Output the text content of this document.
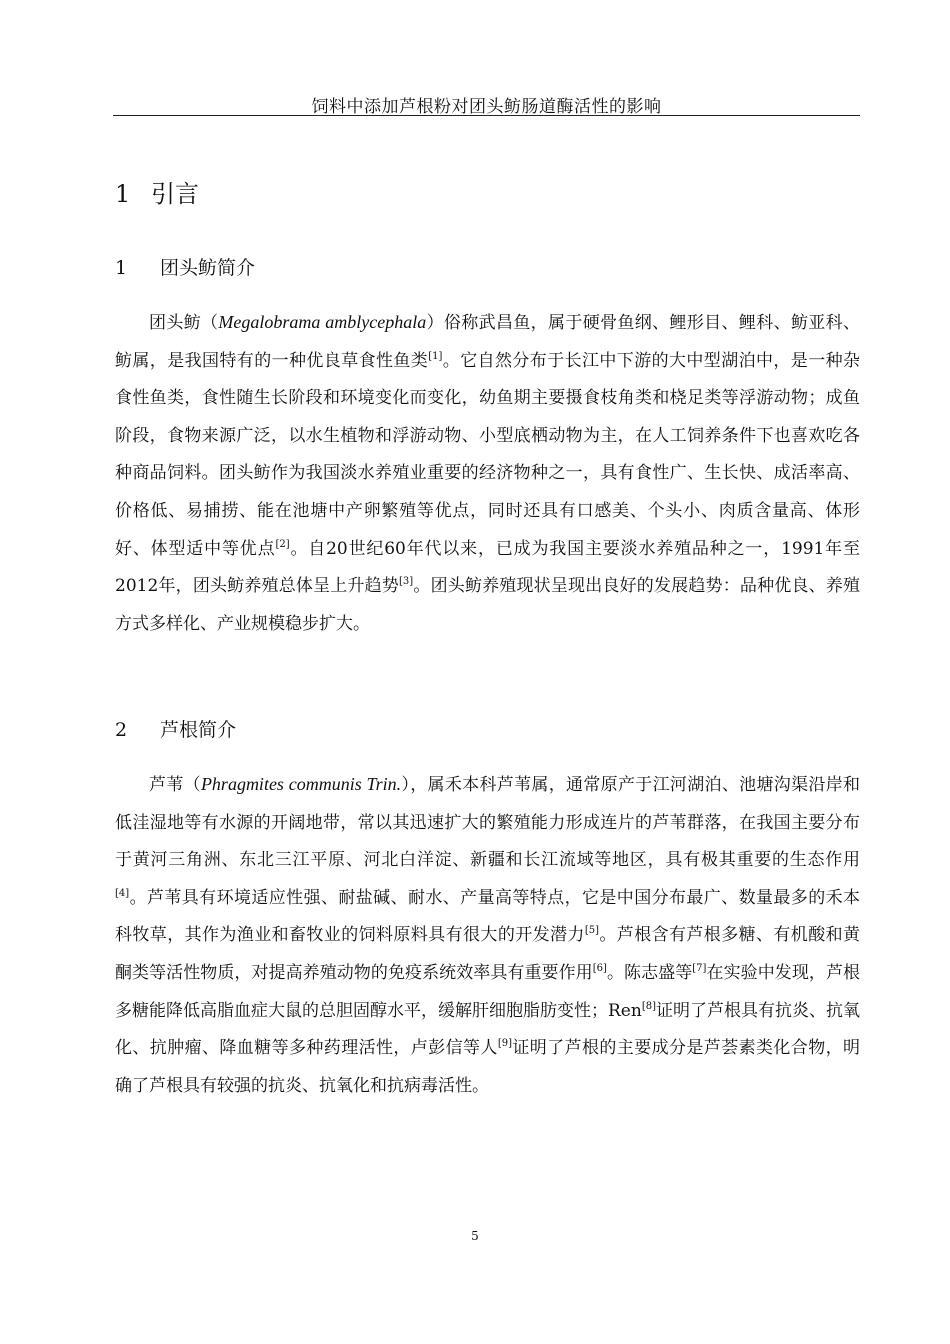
饲料中添加芦根粉对团头鲂肠道酶活性的影响
1 引言
1 团头鲂简介
团头鲂（Megalobrama amblycephala）俗称武昌鱼，属于硬骨鱼纲、鲤形目、鲤科、鲂亚科、鲂属，是我国特有的一种优良草食性鱼类[1]。它自然分布于长江中下游的大中型湖泊中，是一种杂食性鱼类，食性随生长阶段和环境变化而变化，幼鱼期主要摄食枝角类和桡足类等浮游动物；成鱼阶段，食物来源广泛，以水生植物和浮游动物、小型底栖动物为主，在人工饲养条件下也喜欢吃各种商品饲料。团头鲂作为我国淡水养殖业重要的经济物种之一，具有食性广、生长快、成活率高、价格低、易捕捞、能在池塘中产卵繁殖等优点，同时还具有口感美、个头小、肉质含量高、体形好、体型适中等优点[2]。自20世纪60年代以来，已成为我国主要淡水养殖品种之一，1991年至2012年，团头鲂养殖总体呈上升趋势[3]。团头鲂养殖现状呈现出良好的发展趋势：品种优良、养殖方式多样化、产业规模稳步扩大。
2 芦根简介
芦苇（Phragmites communis Trin.），属禾本科芦苇属，通常原产于江河湖泊、池塘沟渠沿岸和低洼湿地等有水源的开阔地带，常以其迅速扩大的繁殖能力形成连片的芦苇群落，在我国主要分布于黄河三角洲、东北三江平原、河北白洋淀、新疆和长江流域等地区，具有极其重要的生态作用[4]。芦苇具有环境适应性强、耐盐碱、耐水、产量高等特点，它是中国分布最广、数量最多的禾本科牧草，其作为渔业和畜牧业的饲料原料具有很大的开发潜力[5]。芦根含有芦根多糖、有机酸和黄酮类等活性物质，对提高养殖动物的免疫系统效率具有重要作用[6]。陈志盛等[7]在实验中发现，芦根多糖能降低高脂血症大鼠的总胆固醇水平，缓解肝细胞脂肪变性；Ren[8]证明了芦根具有抗炎、抗氧化、抗肿瘤、降血糖等多种药理活性，卢彭信等人[9]证明了芦根的主要成分是芦荟素类化合物，明确了芦根具有较强的抗炎、抗氧化和抗病毒活性。
5
